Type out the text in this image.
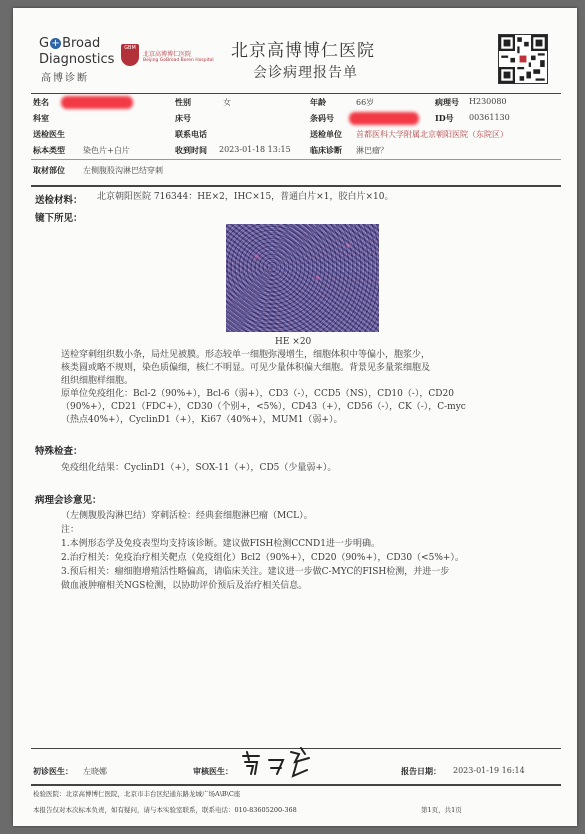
G + Broad
Diagnostics
高博诊断
GBM
北京高博博仁医院
Beijing GoBroad Boren Hospital 北京高博博仁医院
会诊病理报告单
姓名	性别	女	年龄	66岁	病理号 H230080
科室	床号	条码号	ID号 00361130
送检医生	联系电话	送检单位 首都医科大学附属北京朝阳医院（东院区）
标本类型 染色片+白片	收到时间 2023-01-18 13:15 临床诊断 淋巴瘤？
取材部位 左侧腹股沟淋巴结穿刺
送检材料： 北京朝阳医院 716344：HE×2，IHC×15，普通白片×1，胶白片×10。
镜下所见：
HE ×20
送检穿刺组织数小条，局灶见被膜。形态较单一细胞弥漫增生，细胞体积中等偏小，胞浆少，
核类圆或略不规则，染色质偏细，核仁不明显。可见少量体积偏大细胞。背景见多量浆细胞及
组织细胞样细胞。
原单位免疫组化：Bcl-2（90%+），Bcl-6（弱+），CD3（-），CCD5（NS），CD10（-），CD20
（90%+），CD21（FDC+），CD30（个别+，<5%），CD43（+），CD56（-），CK（-），C-myc
（热点40%+），CyclinD1（+），Ki67（40%+），MUM1（弱+）。
特殊检查：
免疫组化结果：CyclinD1（+），SOX-11（+），CD5（少量弱+）。
病理会诊意见：
（左侧腹股沟淋巴结）穿刺活检：经典套细胞淋巴瘤（MCL）。
注：
1.本例形态学及免疫表型均支持该诊断。建议做FISH检测CCND1进一步明确。
2.治疗相关：免疫治疗相关靶点（免疫组化）Bcl2（90%+），CD20（90%+），CD30（<5%+）。
3.预后相关：瘤细胞增殖活性略偏高，请临床关注。建议进一步做C-MYC的FISH检测，并进一步
做血液肿瘤相关NGS检测，以协助评价预后及治疗相关信息。
初诊医生： 左晓娜	审核医生：	报告日期： 2023-01-19 16:14
检验医院：北京高博博仁医院，北京市丰台区纪通东路龙城广场A\B\C座
本报告仅对本次标本负责，如有疑问，请与本实验室联系，联系电话：010-83605200-368	第1页，共1页
